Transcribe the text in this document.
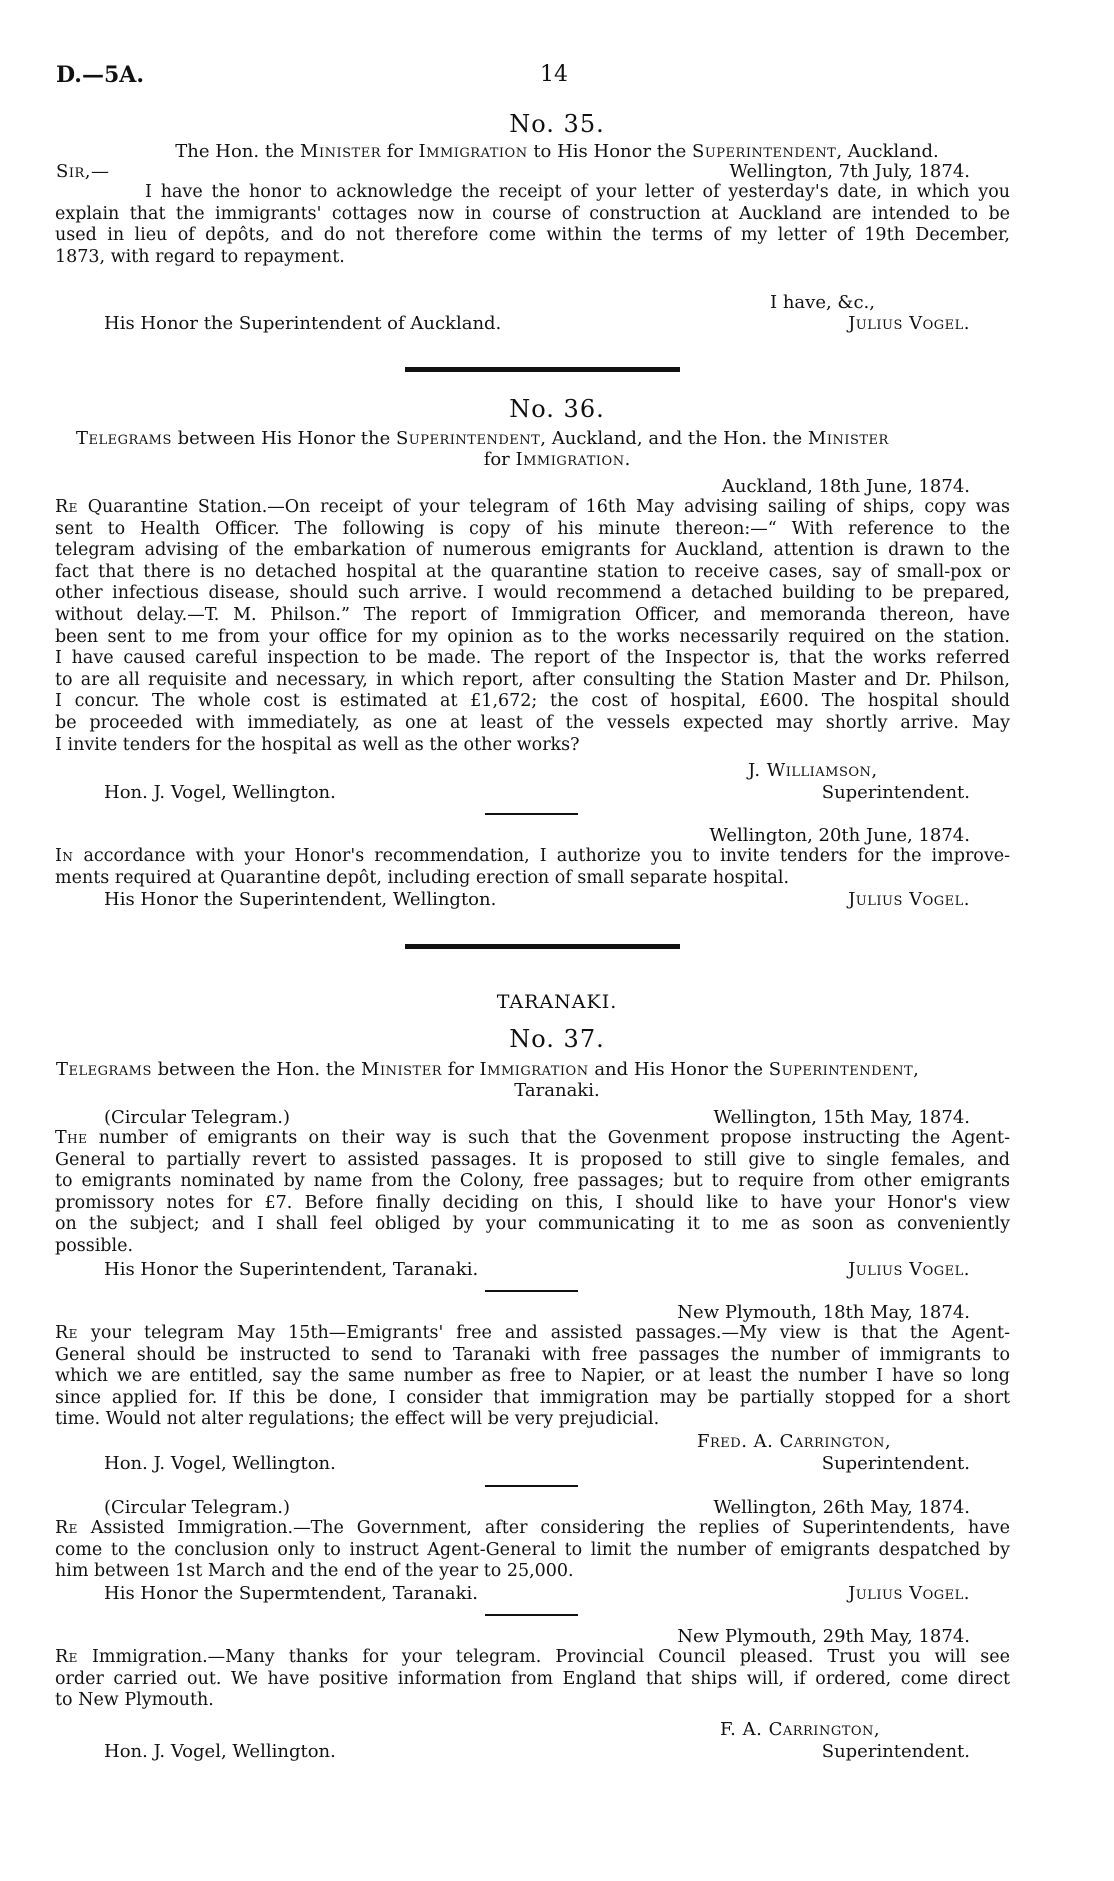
D.—5A.	14
No. 35.
The Hon. the Minister for Immigration to His Honor the Superintendent, Auckland.
Sir,—	Wellington, 7th July, 1874.
I have the honor to acknowledge the receipt of your letter of yesterday's date, in which you
explain that the immigrants' cottages now in course of construction at Auckland are intended to be
used in lieu of depôts, and do not therefore come within the terms of my letter of 19th December,
1873, with regard to repayment.
I have, &c.,
His Honor the Superintendent of Auckland.	Julius Vogel.
No. 36.
Telegrams between His Honor the Superintendent, Auckland, and the Hon. the Minister
for Immigration.
Auckland, 18th June, 1874.
Re Quarantine Station.—On receipt of your telegram of 16th May advising sailing of ships, copy was
sent to Health Officer. The following is copy of his minute thereon:—“ With reference to the
telegram advising of the embarkation of numerous emigrants for Auckland, attention is drawn to the
fact that there is no detached hospital at the quarantine station to receive cases, say of small-pox or
other infectious disease, should such arrive. I would recommend a detached building to be prepared,
without delay.—T. M. Philson.” The report of Immigration Officer, and memoranda thereon, have
been sent to me from your office for my opinion as to the works necessarily required on the station.
I have caused careful inspection to be made. The report of the Inspector is, that the works referred
to are all requisite and necessary, in which report, after consulting the Station Master and Dr. Philson,
I concur. The whole cost is estimated at £1,672; the cost of hospital, £600. The hospital should
be proceeded with immediately, as one at least of the vessels expected may shortly arrive. May
I invite tenders for the hospital as well as the other works?
J. Williamson,
Hon. J. Vogel, Wellington.	Superintendent.
Wellington, 20th June, 1874.
In accordance with your Honor's recommendation, I authorize you to invite tenders for the improve-
ments required at Quarantine depôt, including erection of small separate hospital.
His Honor the Superintendent, Wellington.	Julius Vogel.
TARANAKI.
No. 37.
Telegrams between the Hon. the Minister for Immigration and His Honor the Superintendent,
Taranaki.
(Circular Telegram.)	Wellington, 15th May, 1874.
The number of emigrants on their way is such that the Govenment propose instructing the Agent-
General to partially revert to assisted passages. It is proposed to still give to single females, and
to emigrants nominated by name from the Colony, free passages; but to require from other emigrants
promissory notes for £7. Before finally deciding on this, I should like to have your Honor's view
on the subject; and I shall feel obliged by your communicating it to me as soon as conveniently
possible.
His Honor the Superintendent, Taranaki.	Julius Vogel.
New Plymouth, 18th May, 1874.
Re your telegram May 15th—Emigrants' free and assisted passages.—My view is that the Agent-
General should be instructed to send to Taranaki with free passages the number of immigrants to
which we are entitled, say the same number as free to Napier, or at least the number I have so long
since applied for. If this be done, I consider that immigration may be partially stopped for a short
time. Would not alter regulations; the effect will be very prejudicial.
Fred. A. Carrington,
Hon. J. Vogel, Wellington.	Superintendent.
(Circular Telegram.)	Wellington, 26th May, 1874.
Re Assisted Immigration.—The Government, after considering the replies of Superintendents, have
come to the conclusion only to instruct Agent-General to limit the number of emigrants despatched by
him between 1st March and the end of the year to 25,000.
His Honor the Supermtendent, Taranaki.	Julius Vogel.
New Plymouth, 29th May, 1874.
Re Immigration.—Many thanks for your telegram. Provincial Council pleased. Trust you will see
order carried out. We have positive information from England that ships will, if ordered, come direct
to New Plymouth.
F. A. Carrington,
Hon. J. Vogel, Wellington.	Superintendent.
